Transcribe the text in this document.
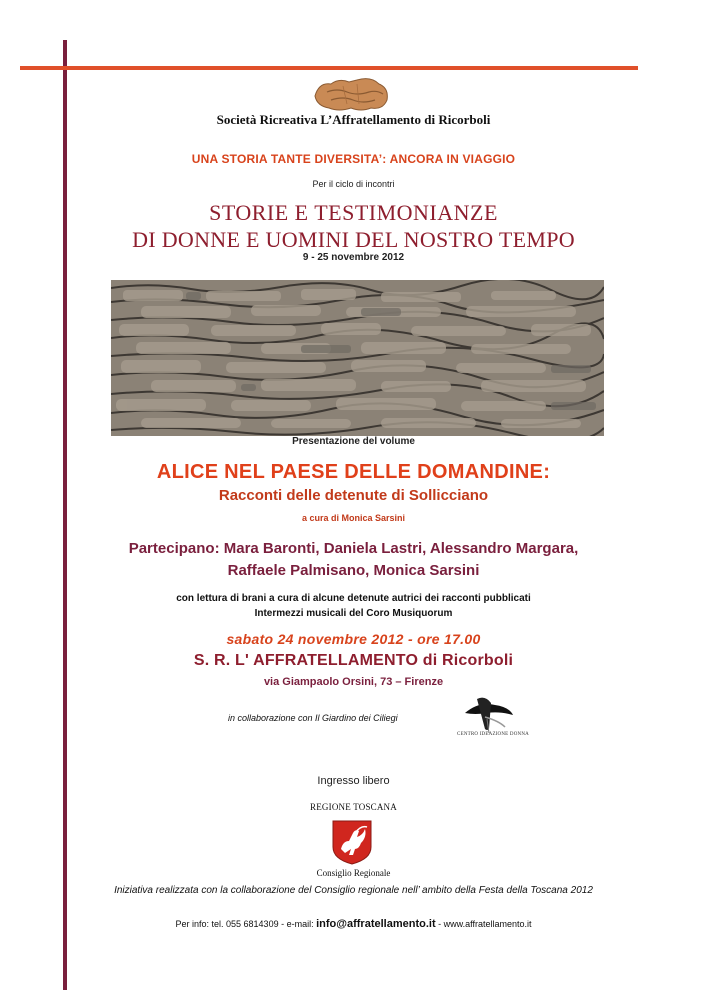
Società Ricreativa L’Affratellamento di Ricorboli
UNA STORIA TANTE DIVERSITA’: ANCORA IN VIAGGIO
Per il ciclo di incontri
STORIE E TESTIMONIANZE
DI DONNE E UOMINI DEL NOSTRO TEMPO
9 - 25 novembre 2012
Presentazione del volume
ALICE NEL PAESE DELLE DOMANDINE:
Racconti delle detenute di Sollicciano
a cura di Monica Sarsini
Partecipano: Mara Baronti, Daniela Lastri, Alessandro Margara,
Raffaele Palmisano, Monica Sarsini
con lettura di brani a cura di alcune detenute autrici dei racconti pubblicati
Intermezzi musicali del Coro Musiquorum
sabato 24 novembre 2012 - ore 17.00
S. R. L' AFFRATELLAMENTO di Ricorboli
via Giampaolo Orsini, 73 – Firenze
in collaborazione con Il Giardino dei Ciliegi
CENTRO IDEAZIONE DONNA
Ingresso libero
REGIONE TOSCANA
Consiglio Regionale
Iniziativa realizzata con la collaborazione del Consiglio regionale nell’ ambito della Festa della Toscana 2012
Per info: tel. 055 6814309 - e-mail: info@affratellamento.it - www.affratellamento.it
